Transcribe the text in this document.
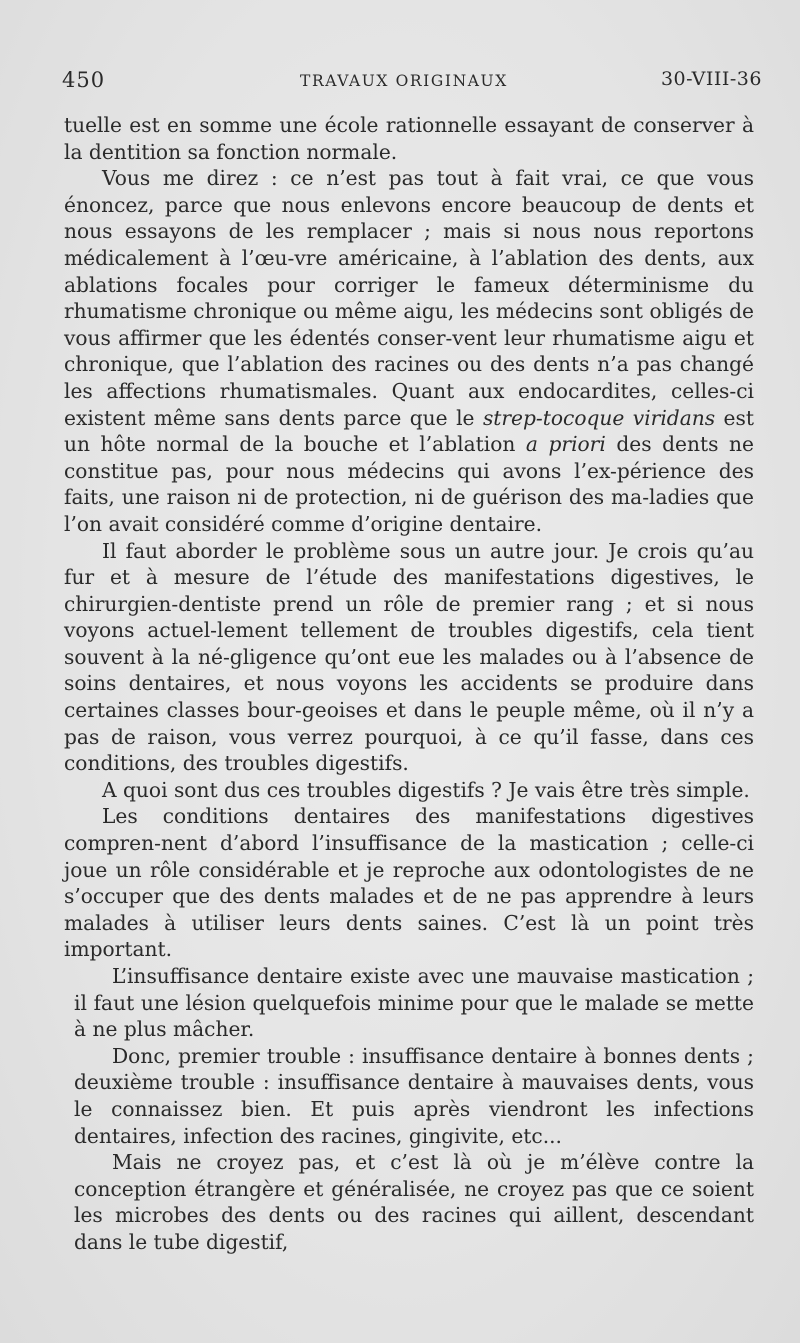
450	TRAVAUX ORIGINAUX	30-VIII-36

tuelle est en somme une école rationnelle essayant de conserver à la dentition sa fonction normale.

Vous me direz : ce n’est pas tout à fait vrai, ce que vous énoncez, parce que nous enlevons encore beaucoup de dents et nous essayons de les remplacer ; mais si nous nous reportons médicalement à l’œu-vre américaine, à l’ablation des dents, aux ablations focales pour corriger le fameux déterminisme du rhumatisme chronique ou même aigu, les médecins sont obligés de vous affirmer que les édentés conser-vent leur rhumatisme aigu et chronique, que l’ablation des racines ou des dents n’a pas changé les affections rhumatismales. Quant aux endocardites, celles-ci existent même sans dents parce que le strep-tocoque viridans est un hôte normal de la bouche et l’ablation a priori des dents ne constitue pas, pour nous médecins qui avons l’ex-périence des faits, une raison ni de protection, ni de guérison des ma-ladies que l’on avait considéré comme d’origine dentaire.

Il faut aborder le problème sous un autre jour. Je crois qu’au fur et à mesure de l’étude des manifestations digestives, le chirurgien-dentiste prend un rôle de premier rang ; et si nous voyons actuel-lement tellement de troubles digestifs, cela tient souvent à la né-gligence qu’ont eue les malades ou à l’absence de soins dentaires, et nous voyons les accidents se produire dans certaines classes bour-geoises et dans le peuple même, où il n’y a pas de raison, vous verrez pourquoi, à ce qu’il fasse, dans ces conditions, des troubles digestifs.

A quoi sont dus ces troubles digestifs ? Je vais être très simple.

Les conditions dentaires des manifestations digestives compren-nent d’abord l’insuffisance de la mastication ; celle-ci joue un rôle considérable et je reproche aux odontologistes de ne s’occuper que des dents malades et de ne pas apprendre à leurs malades à utiliser leurs dents saines. C’est là un point très important.

L’insuffisance dentaire existe avec une mauvaise mastication ; il faut une lésion quelquefois minime pour que le malade se mette à ne plus mâcher.

Donc, premier trouble : insuffisance dentaire à bonnes dents ; deuxième trouble : insuffisance dentaire à mauvaises dents, vous le connaissez bien. Et puis après viendront les infections dentaires, infection des racines, gingivite, etc...

Mais ne croyez pas, et c’est là où je m’élève contre la conception étrangère et généralisée, ne croyez pas que ce soient les microbes des dents ou des racines qui aillent, descendant dans le tube digestif,
